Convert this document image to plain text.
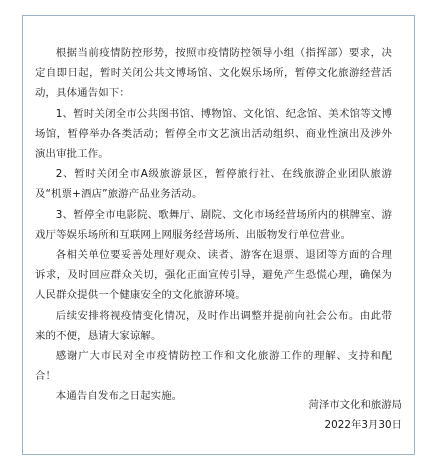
根据当前疫情防控形势，按照市疫情防控领导小组（指挥部）要求，决定自即日起，暂时关闭公共文博场馆、文化娱乐场所，暂停文化旅游经营活动，具体通告如下：

1、暂时关闭全市公共图书馆、博物馆、文化馆、纪念馆、美术馆等文博场馆，暂停举办各类活动；暂停全市文艺演出活动组织、商业性演出及涉外演出审批工作。

2、暂时关闭全市A级旅游景区，暂停旅行社、在线旅游企业团队旅游及“机票+酒店”旅游产品业务活动。

3、暂停全市电影院、歌舞厅、剧院、文化市场经营场所内的棋牌室、游戏厅等娱乐场所和互联网上网服务经营场所、出版物发行单位营业。

各相关单位要妥善处理好观众、读者、游客在退票、退团等方面的合理诉求，及时回应群众关切，强化正面宣传引导，避免产生恐慌心理，确保为人民群众提供一个健康安全的文化旅游环境。

后续安排将视疫情变化情况，及时作出调整并提前向社会公布。由此带来的不便，恳请大家谅解。

感谢广大市民对全市疫情防控工作和文化旅游工作的理解、支持和配合！

本通告自发布之日起实施。

菏泽市文化和旅游局
2022年3月30日
